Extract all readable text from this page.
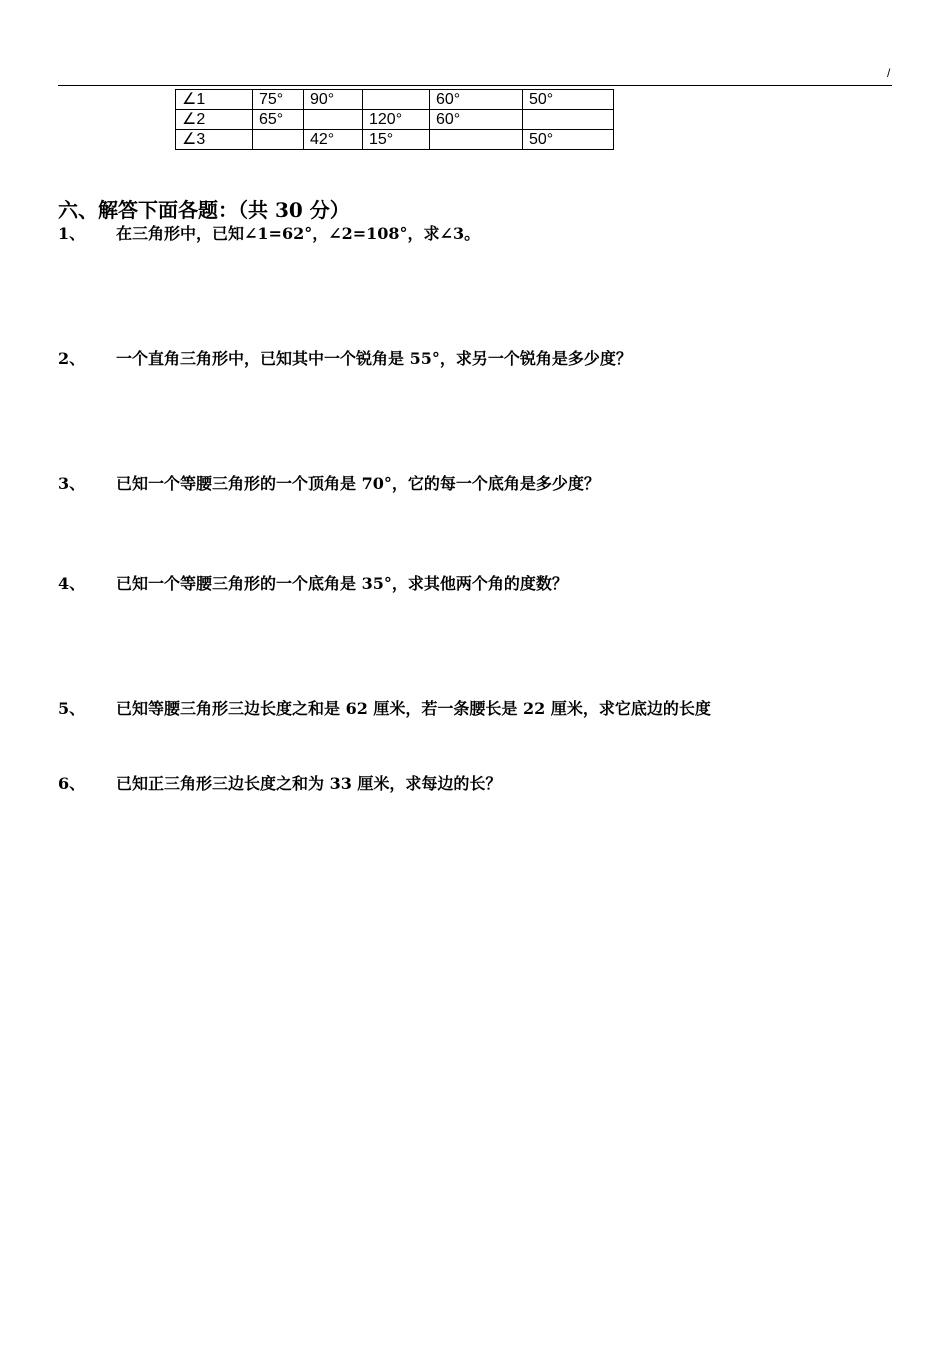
/
∠1	75°	90°		60°	50°
∠2	65°		120°	60°	
∠3		42°	15°		50°
六、解答下面各题：（共 30 分）
1、 在三角形中，已知∠1=62°，∠2=108°，求∠3。
2、 一个直角三角形中，已知其中一个锐角是 55°，求另一个锐角是多少度？
3、 已知一个等腰三角形的一个顶角是 70°，它的每一个底角是多少度？
4、 已知一个等腰三角形的一个底角是 35°，求其他两个角的度数？
5、 已知等腰三角形三边长度之和是 62 厘米，若一条腰长是 22 厘米，求它底边的长度
6、 已知正三角形三边长度之和为 33 厘米，求每边的长？
